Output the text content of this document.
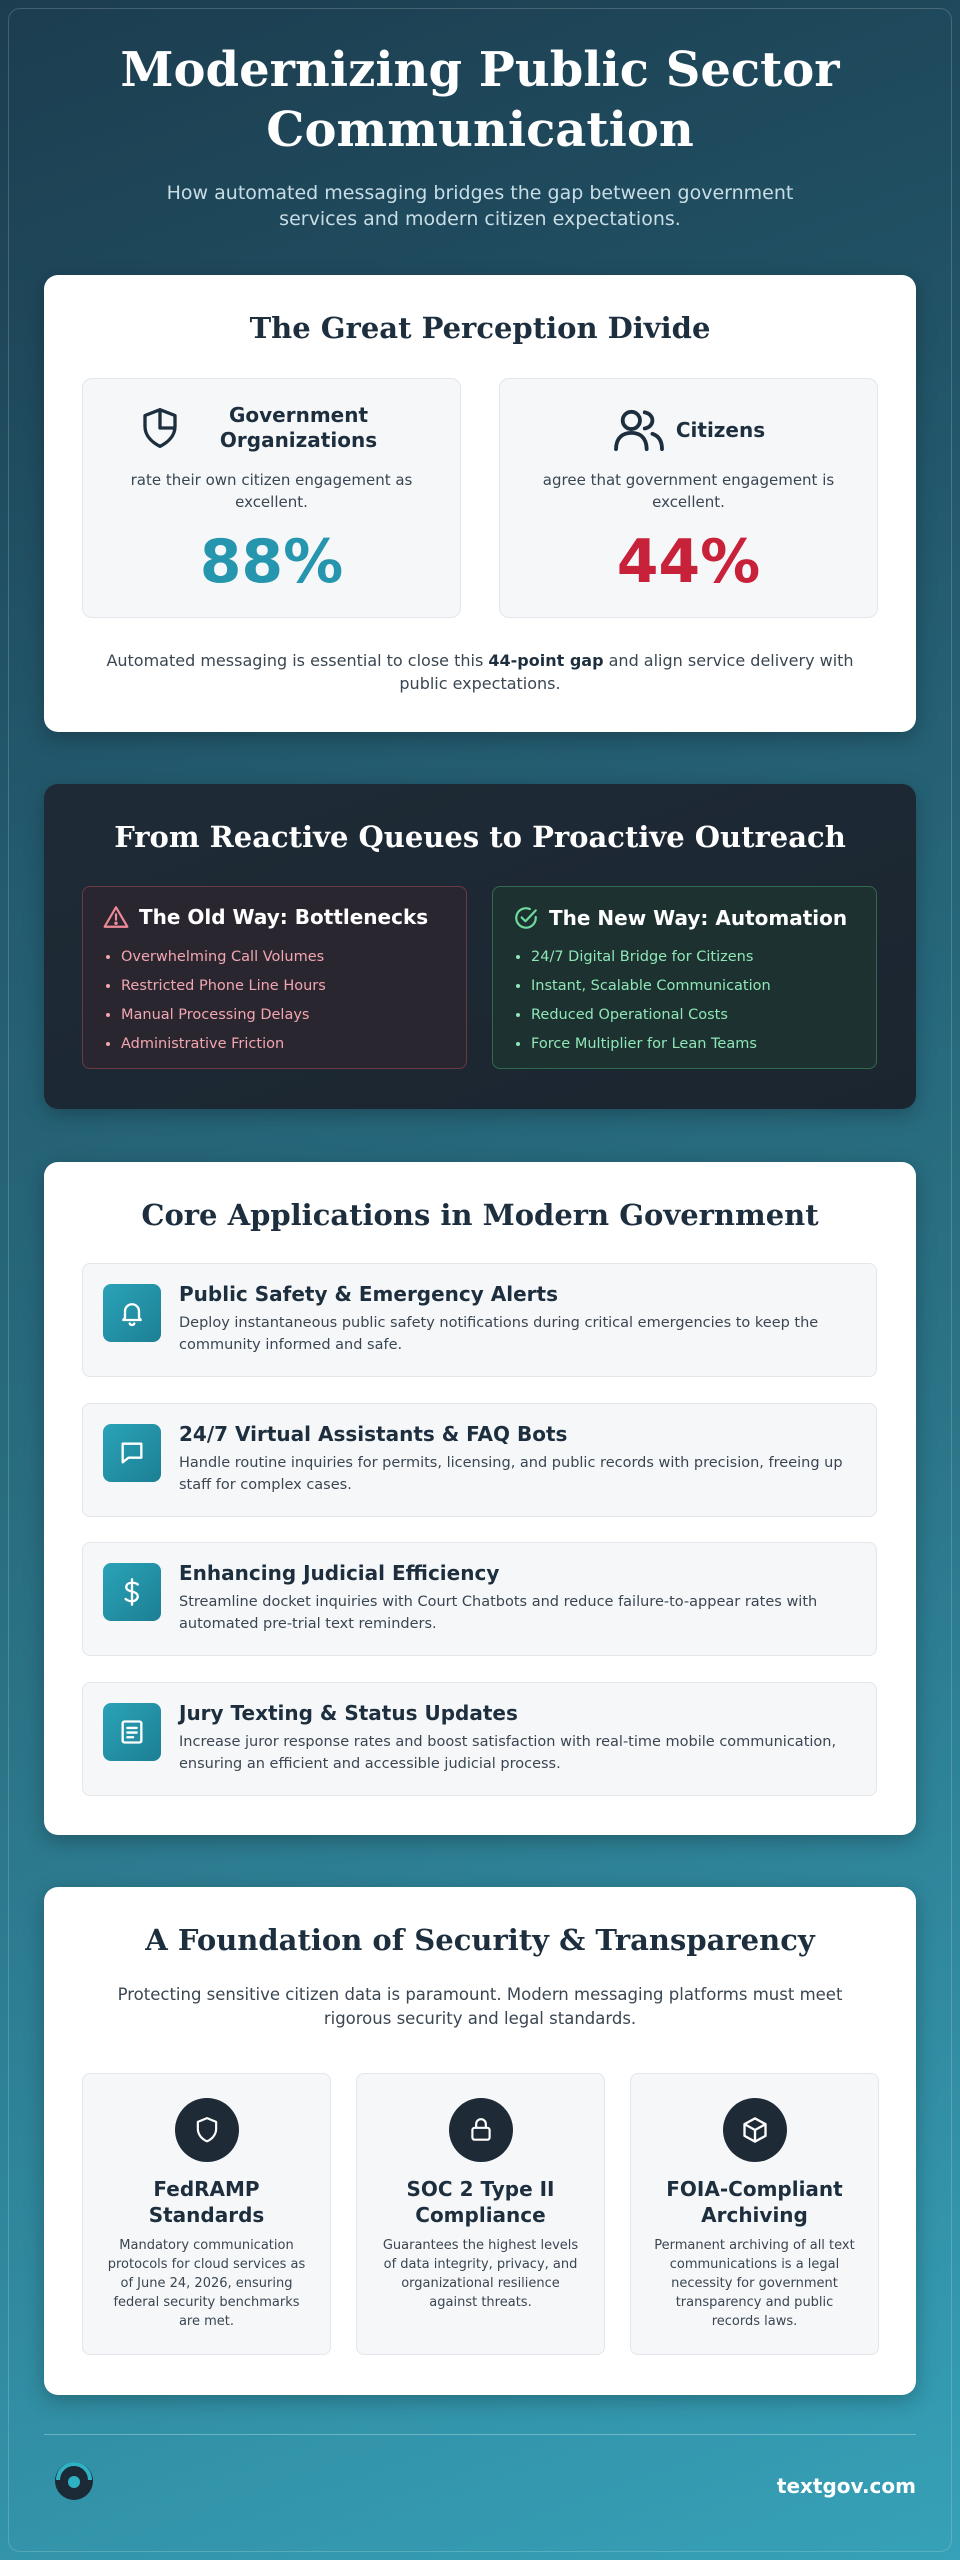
Modernizing Public Sector Communication

How automated messaging bridges the gap between government services and modern citizen expectations.

The Great Perception Divide
Government Organizations

rate their own citizen engagement as excellent.

88%
Citizens

agree that government engagement is excellent.

44%

Automated messaging is essential to close this 44-point gap and align service delivery with public expectations.

From Reactive Queues to Proactive Outreach
The Old Way: Bottlenecks
• Overwhelming Call Volumes
• Restricted Phone Line Hours
• Manual Processing Delays
• Administrative Friction
The New Way: Automation
• 24/7 Digital Bridge for Citizens
• Instant, Scalable Communication
• Reduced Operational Costs
• Force Multiplier for Lean Teams
Core Applications in Modern Government
Public Safety & Emergency Alerts
Deploy instantaneous public safety notifications during critical emergencies to keep the community informed and safe.
24/7 Virtual Assistants & FAQ Bots
Handle routine inquiries for permits, licensing, and public records with precision, freeing up staff for complex cases.
Enhancing Judicial Efficiency
Streamline docket inquiries with Court Chatbots and reduce failure-to-appear rates with automated pre-trial text reminders.
Jury Texting & Status Updates
Increase juror response rates and boost satisfaction with real-time mobile communication, ensuring an efficient and accessible judicial process.
A Foundation of Security & Transparency

Protecting sensitive citizen data is paramount. Modern messaging platforms must meet rigorous security and legal standards.

FedRAMP Standards
Mandatory communication protocols for cloud services as of June 24, 2026, ensuring federal security benchmarks are met.
SOC 2 Type II Compliance
Guarantees the highest levels of data integrity, privacy, and organizational resilience against threats.
FOIA-Compliant Archiving
Permanent archiving of all text communications is a legal necessity for government transparency and public records laws.
textgov.com
